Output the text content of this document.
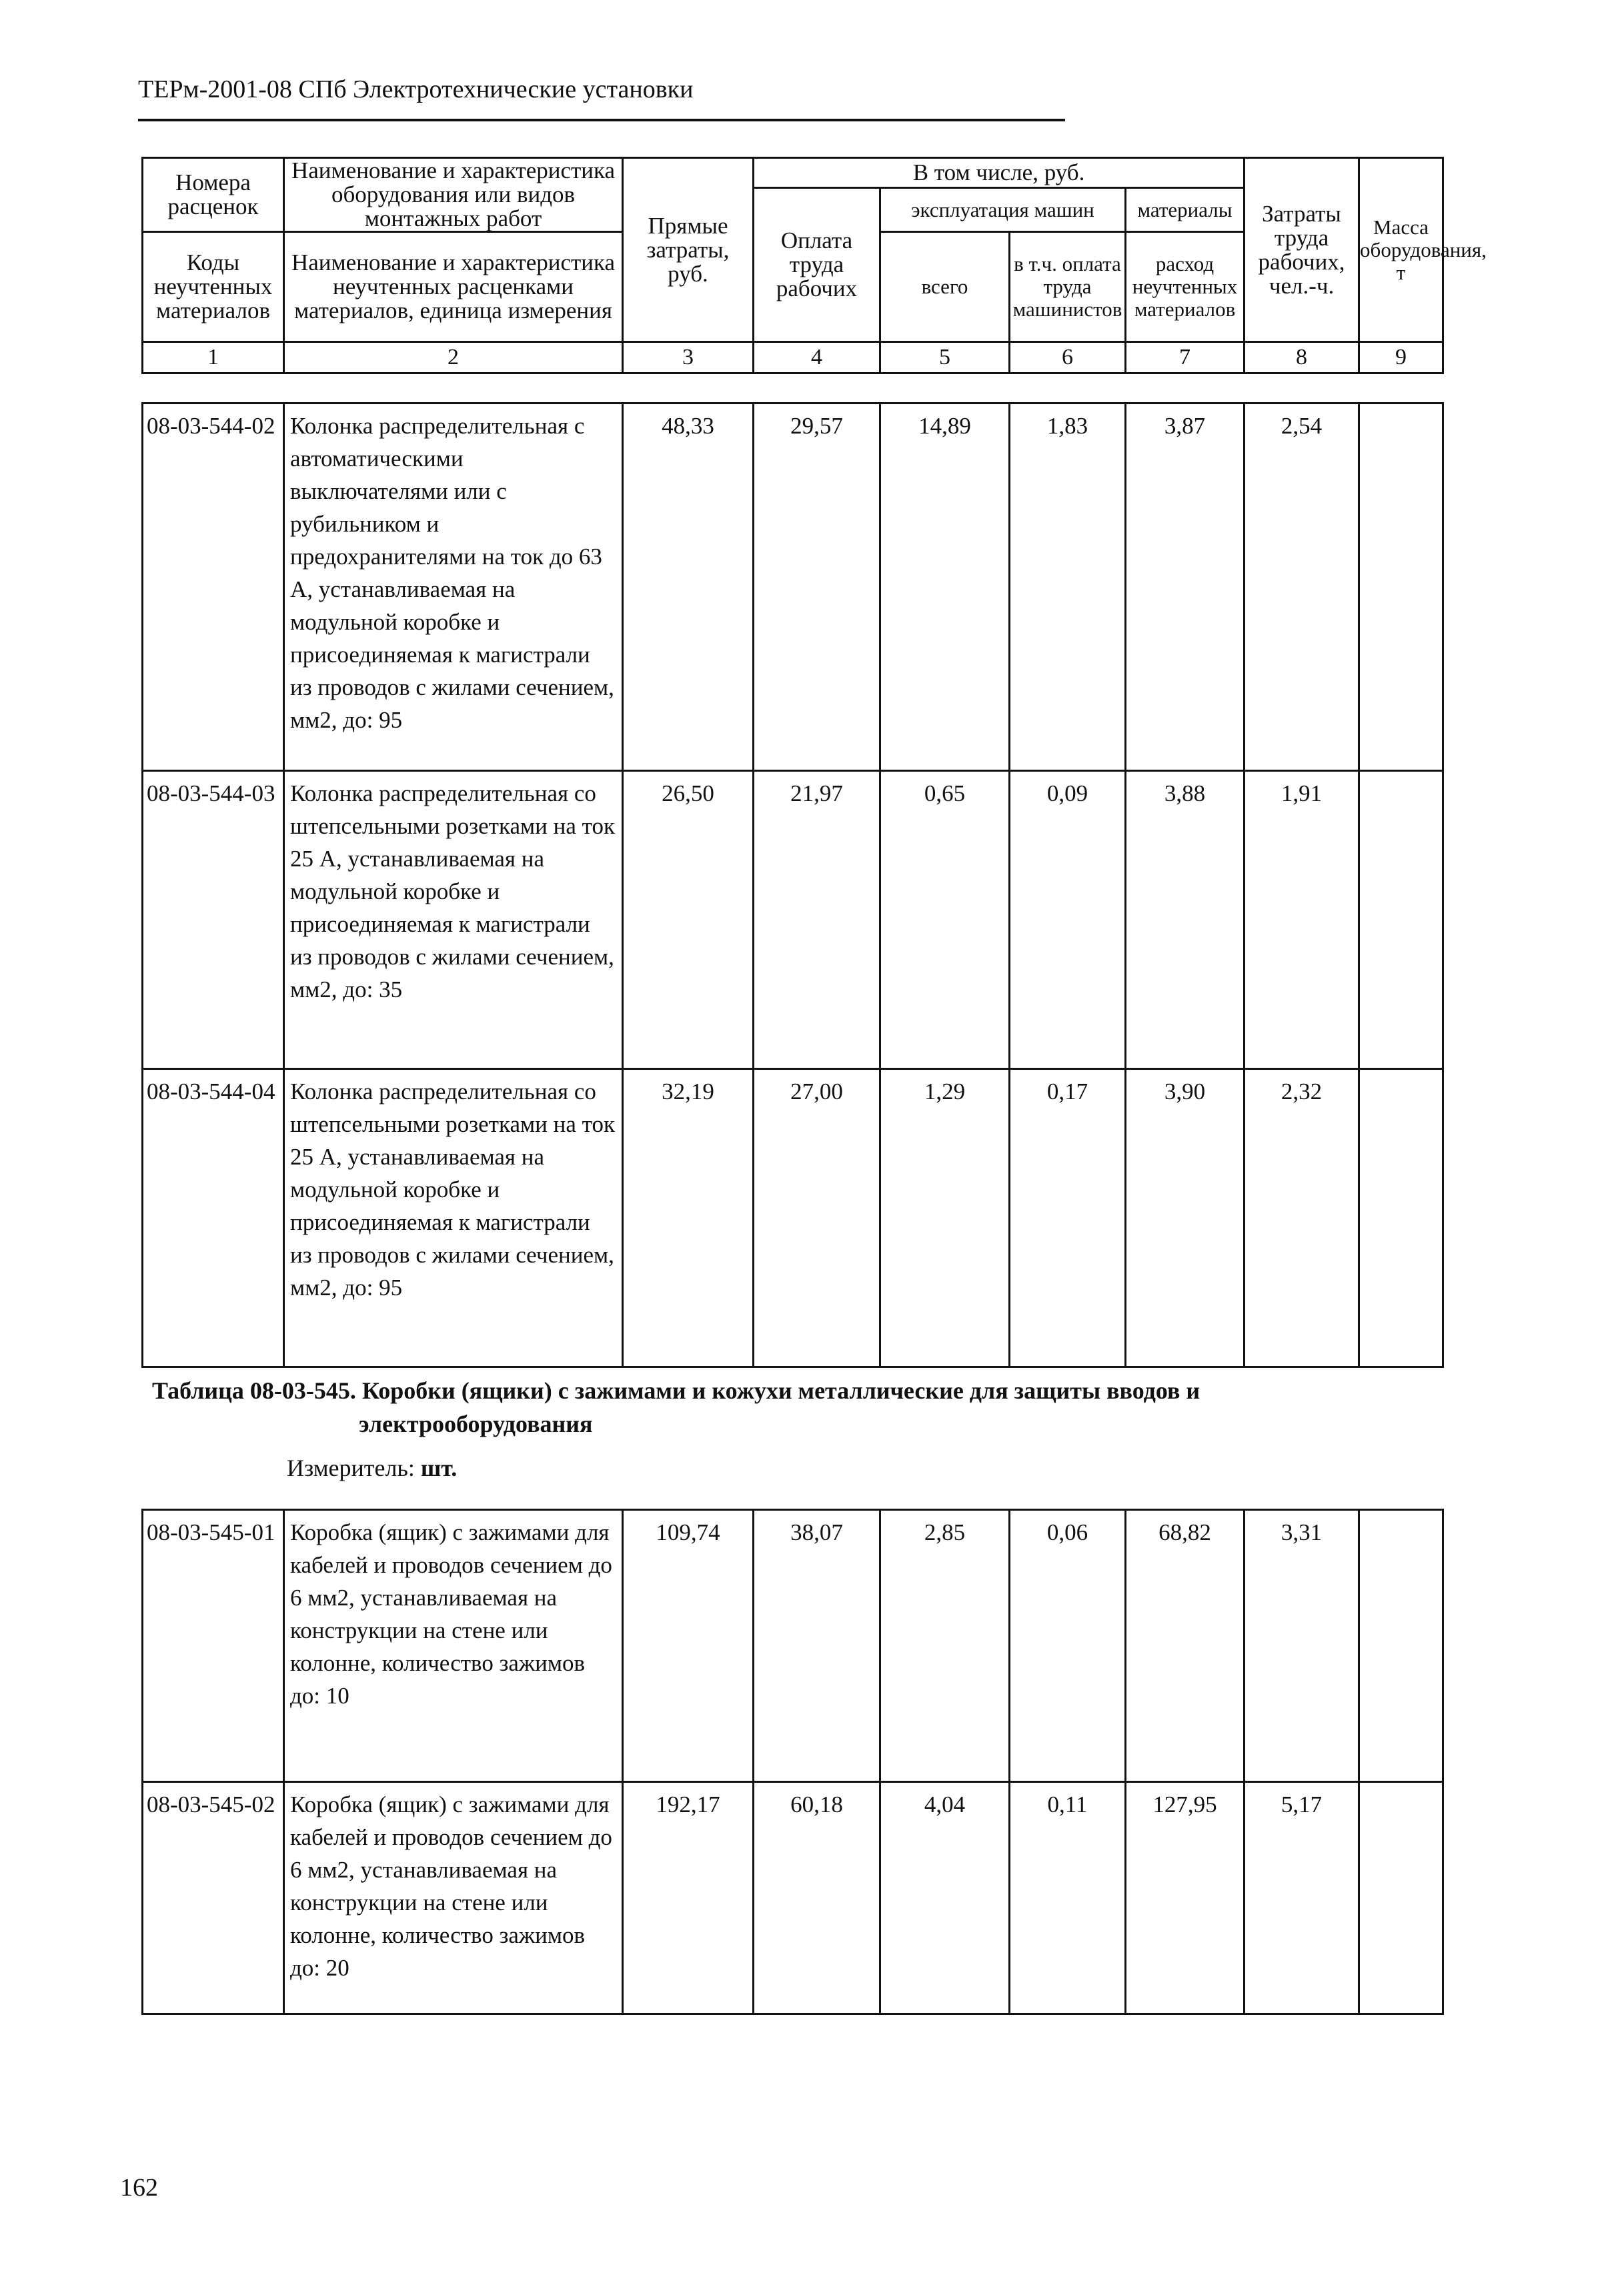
ТЕРм-2001-08 СПб Электротехнические установки
Номера расценок	Наименование и характеристика оборудования или видов монтажных работ	Прямые затраты, руб.	В том числе, руб.				Затраты труда рабочих, чел.-ч.	Масса оборудования, т
			Оплата труда рабочих	эксплуатация машин		материалы		
Коды неучтенных материалов	Наименование и характеристика неучтенных расценками материалов, единица измерения			всего	в т.ч. оплата труда машинистов	расход неучтенных материалов		

1	2	3	4	5	6	7	8	9
08-03-544-02	Колонка распределительная с автоматическими выключателями или с рубильником и предохранителями на ток до 63 А, устанавливаемая на модульной коробке и присоединяемая к магистрали из проводов с жилами сечением, мм2, до: 95	48,33	29,57	14,89	1,83	3,87	2,54	
08-03-544-03	Колонка распределительная со штепсельными розетками на ток 25 А, устанавливаемая на модульной коробке и присоединяемая к магистрали из проводов с жилами сечением, мм2, до: 35	26,50	21,97	0,65	0,09	3,88	1,91	
08-03-544-04	Колонка распределительная со штепсельными розетками на ток 25 А, устанавливаемая на модульной коробке и присоединяемая к магистрали из проводов с жилами сечением, мм2, до: 95	32,19	27,00	1,29	0,17	3,90	2,32	
Таблица 08-03-545. Коробки (ящики) с зажимами и кожухи металлические для защиты вводов и
электрооборудования
Измеритель: шт.
08-03-545-01	Коробка (ящик) с зажимами для кабелей и проводов сечением до 6 мм2, устанавливаемая на конструкции на стене или колонне, количество зажимов до: 10	109,74	38,07	2,85	0,06	68,82	3,31	
08-03-545-02	Коробка (ящик) с зажимами для кабелей и проводов сечением до 6 мм2, устанавливаемая на конструкции на стене или колонне, количество зажимов до: 20	192,17	60,18	4,04	0,11	127,95	5,17	
162
